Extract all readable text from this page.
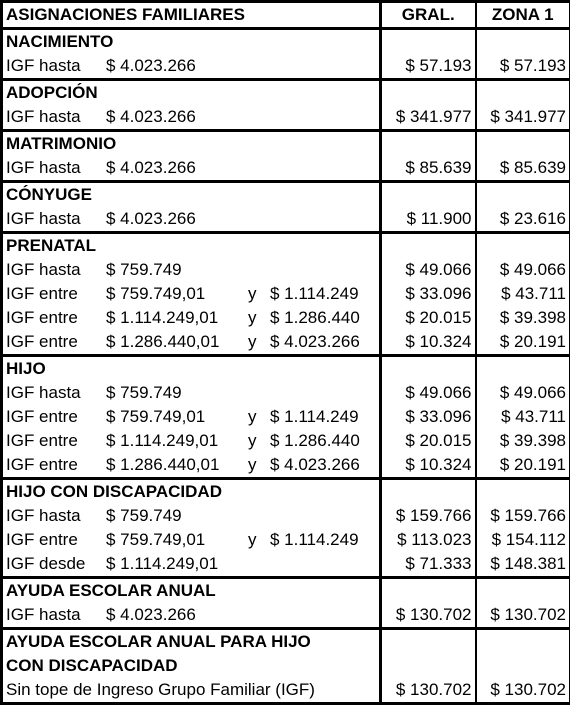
ASIGNACIONES FAMILIARES	GRAL.	ZONA 1
NACIMIENTO		
IGF hasta $ 4.023.266	$ 57.193	$ 57.193
ADOPCIÓN		
IGF hasta $ 4.023.266	$ 341.977	$ 341.977
MATRIMONIO		
IGF hasta $ 4.023.266	$ 85.639	$ 85.639
CÓNYUGE		
IGF hasta $ 4.023.266	$ 11.900	$ 23.616
PRENATAL		
IGF hasta $ 759.749	$ 49.066	$ 49.066
IGF entre $ 759.749,01 y $ 1.114.249	$ 33.096	$ 43.711
IGF entre $ 1.114.249,01 y $ 1.286.440	$ 20.015	$ 39.398
IGF entre $ 1.286.440,01 y $ 4.023.266	$ 10.324	$ 20.191
HIJO		
IGF hasta $ 759.749	$ 49.066	$ 49.066
IGF entre $ 759.749,01 y $ 1.114.249	$ 33.096	$ 43.711
IGF entre $ 1.114.249,01 y $ 1.286.440	$ 20.015	$ 39.398
IGF entre $ 1.286.440,01 y $ 4.023.266	$ 10.324	$ 20.191
HIJO CON DISCAPACIDAD		
IGF hasta $ 759.749	$ 159.766	$ 159.766
IGF entre $ 759.749,01 y $ 1.114.249	$ 113.023	$ 154.112
IGF desde $ 1.114.249,01	$ 71.333	$ 148.381
AYUDA ESCOLAR ANUAL		
IGF hasta $ 4.023.266	$ 130.702	$ 130.702
AYUDA ESCOLAR ANUAL PARA HIJO		
CON DISCAPACIDAD		
Sin tope de Ingreso Grupo Familiar (IGF)	$ 130.702	$ 130.702
